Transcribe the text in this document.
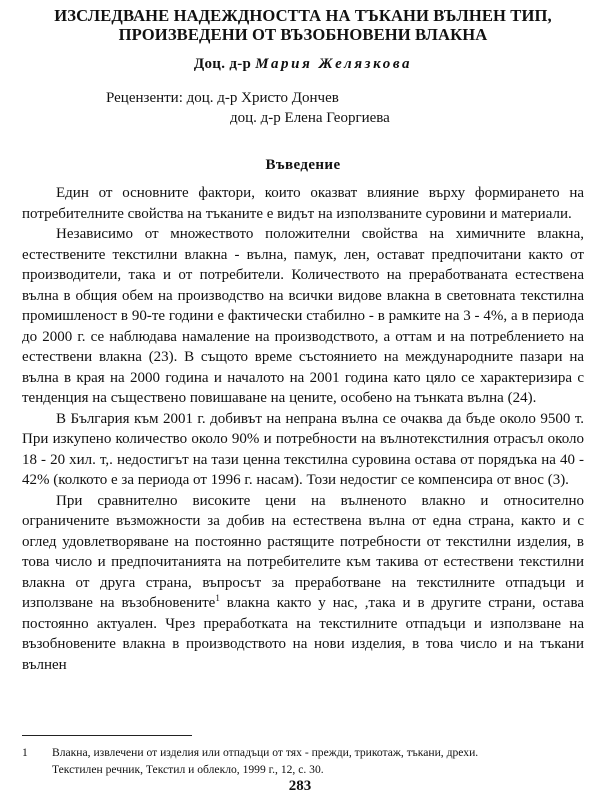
ИЗСЛЕДВАНЕ НАДЕЖДНОСТТА НА ТЪКАНИ ВЪЛНЕН ТИП,
ПРОИЗВЕДЕНИ ОТ ВЪЗОБНОВЕНИ ВЛАКНА
Доц. д-р Мария Желязкова
Рецензенти: доц. д-р Христо Дончев
доц. д-р Елена Георгиева
Въведение

Един от основните фактори, които оказват влияние върху формирането на потребителните свойства на тъканите е видът на използваните суровини и материали.

Независимо от множеството положителни свойства на химичните влакна, естествените текстилни влакна - вълна, памук, лен, остават предпочитани както от производители, така и от потребители. Количеството на преработваната естествена вълна в общия обем на производство на всички видове влакна в световната текстилна промишленост в 90-те години е фактически стабилно - в рамките на 3 - 4%, а в периода до 2000 г. се наблюдава намаление на производството, а оттам и на потреблението на естествени влакна (23). В същото време състоянието на международните пазари на вълна в края на 2000 година и началото на 2001 година като цяло се характеризира с тенденция на съществено повишаване на цените, особено на тънката вълна (24).

В България към 2001 г. добивът на непрана вълна се очаква да бъде около 9500 т. При изкупено количество около 90% и потребности на вълнотекстилния отрасъл около 18 - 20 хил. т,. недостигът на тази ценна текстилна суровина остава от порядъка на 40 - 42% (колкото е за периода от 1996 г. насам). Този недостиг се компенсира от внос (3).

При сравнително високите цени на вълненото влакно и относително ограничените възможности за добив на естествена вълна от една страна, както и с оглед удовлетворяване на постоянно растящите потребности от текстилни изделия, в това число и предпочитанията на потребителите към такива от естествени текстилни влакна от друга страна, въпросът за преработване на текстилните отпадъци и използване на възобновените$^1$ влакна както у нас, ,така и в другите страни, остава постоянно актуален. Чрез преработката на текстилните отпадъци и използване на възобновените влакна в производството на нови изделия, в това число и на тъкани вълнен

1	Влакна, извлечени от изделия или отпадъци от тях - прежди, трикотаж, тъкани, дрехи.
Текстилен речник, Текстил и облекло, 1999 г., 12, с. 30.
283
